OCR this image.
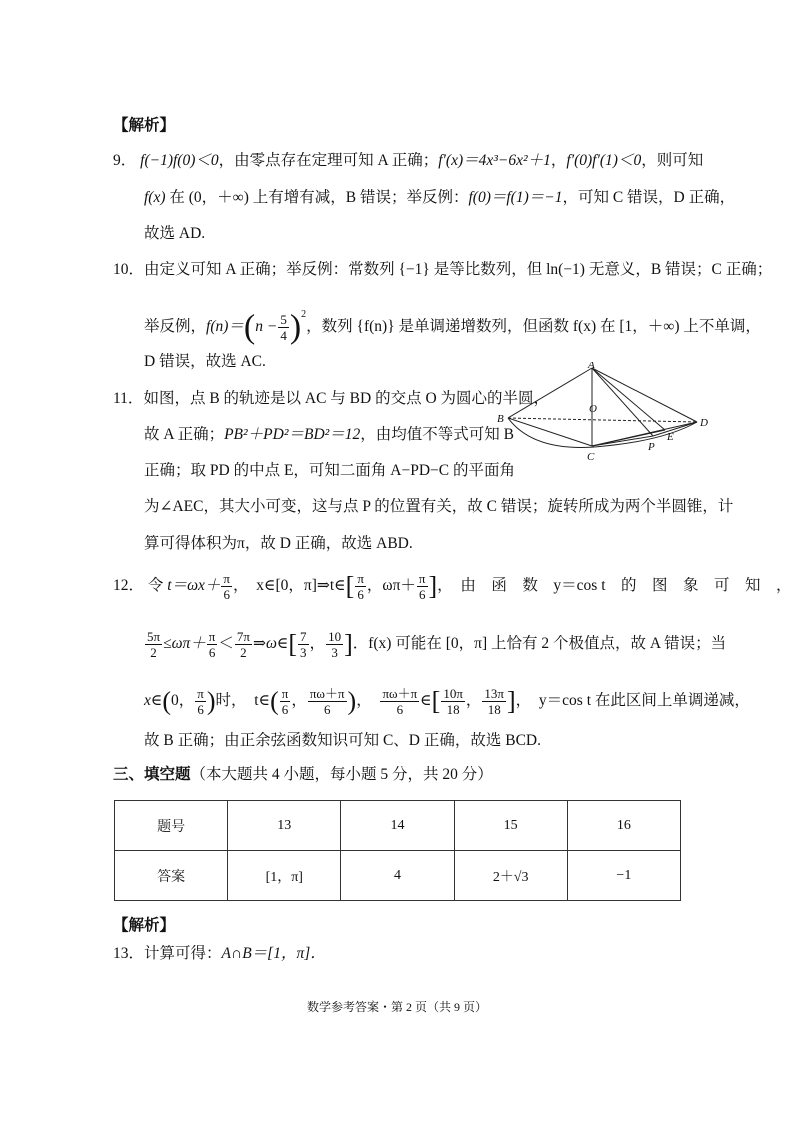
【解析】
9． f(−1)f(0)＜0，由零点存在定理可知 A 正确；f′(x)＝4x³−6x²＋1，f′(0)f′(1)＜0，则可知
f(x) 在 (0，＋∞) 上有增有减，B 错误；举反例：f(0)＝f(1)＝−1，可知 C 错误，D 正确，
故选 AD.
10．由定义可知 A 正确；举反例：常数列 {−1} 是等比数列，但 ln(−1) 无意义，B 错误；C 正确；
举反例，$f(n)=(n - \frac{5}{4} )^2$，数列 {f(n)} 是单调递增数列，但函数 f(x) 在 [1，＋∞) 上不单调，
D 错误，故选 AC.
11．如图，点 B 的轨迹是以 AC 与 BD 的交点 O 为圆心的半圆，
故 A 正确；PB²＋PD²＝BD²＝12，由均值不等式可知 B
正确；取 PD 的中点 E，可知二面角 A−PD−C 的平面角
为∠AEC，其大小可变，这与点 P 的位置有关，故 C 错误；旋转所成为两个半圆锥，计
算可得体积为π，故 D 正确，故选 ABD.
A
B	D
O
C
E
P
12． 令 $t=\omega x+ \frac{\pi}{6}$ ，　x∈[0，π]⇒t∈[ $\frac{\pi}{6}$ ，$\omega\pi+ \frac{\pi}{6}$ ]，　由　函　数　y＝cos t　的　图　象　可　知　，
$\frac{5\pi}{2} \le\omega\pi+ \frac{\pi}{6} < \frac{7\pi}{2}$ ⇒ω∈[ $\frac{7}{3}$ ， $\frac{10}{3}$ ]．f(x) 可能在 [0，π] 上恰有 2 个极值点，故 A 错误；当
x∈(0， $\frac{\pi}{6}$ )时，　t∈( $\frac{\pi}{6}$ ， $\frac{\pi\omega+\pi}{6}$ )，　 $\frac{\pi\omega+\pi}{6}$ ∈[ $\frac{10\pi}{18}$ ， $\frac{13\pi}{18}$ ]，　y＝cos t 在此区间上单调递减，
故 B 正确；由正余弦函数知识可知 C、D 正确，故选 BCD.
三、填空题（本大题共 4 小题，每小题 5 分，共 20 分）
题号	13	14	15	16
答案	[1，π]	4	2＋√3	−1
【解析】
13．计算可得：A∩B＝[1，π]．
数学参考答案・第 2 页（共 9 页）
